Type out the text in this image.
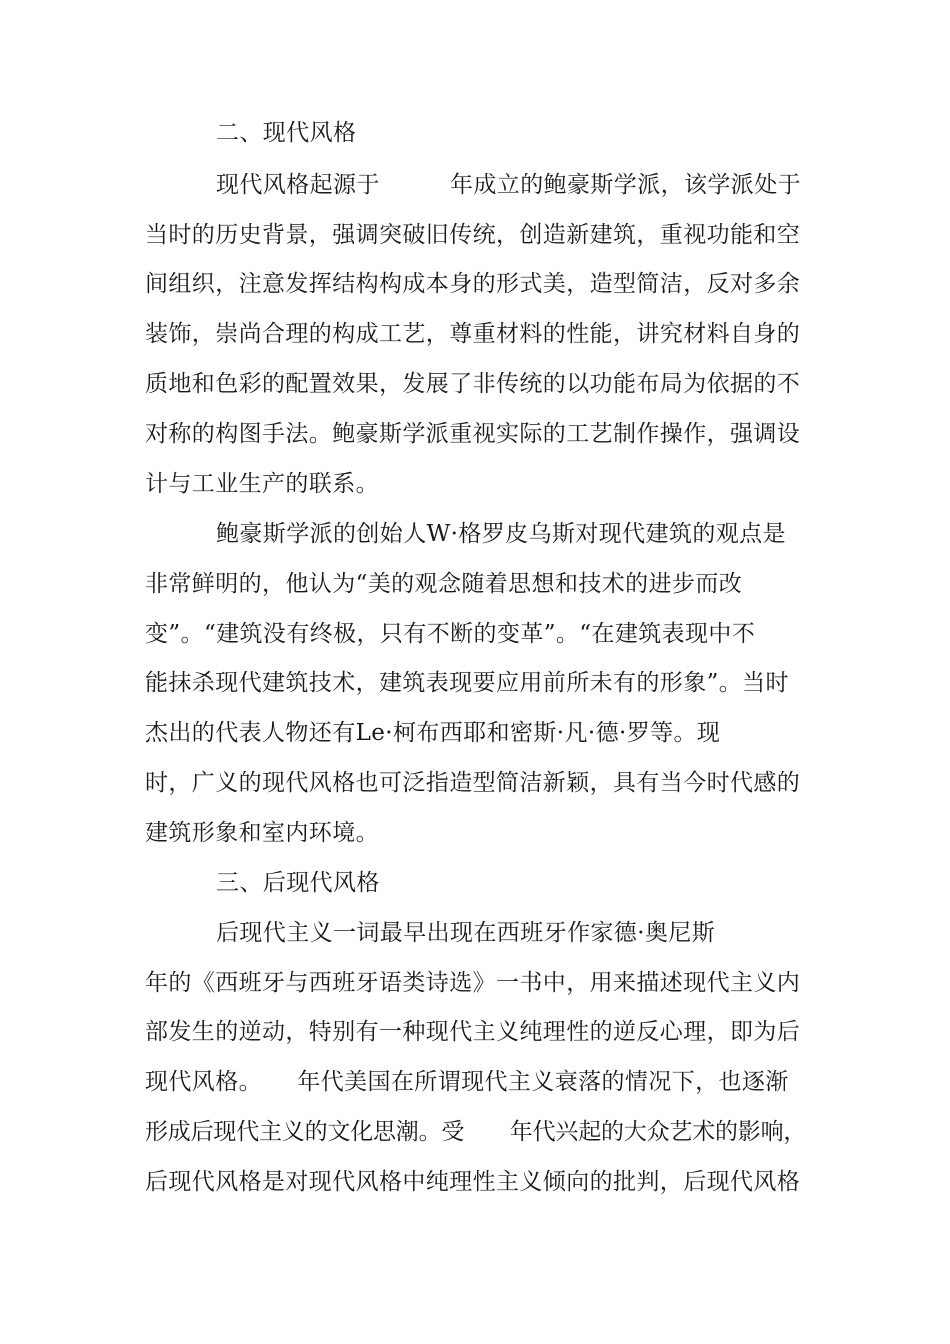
二、现代风格

现代风格起源于　　　年成立的鲍豪斯学派，该学派处于

当时的历史背景，强调突破旧传统，创造新建筑，重视功能和空

间组织，注意发挥结构构成本身的形式美，造型简洁，反对多余

装饰，崇尚合理的构成工艺，尊重材料的性能，讲究材料自身的

质地和色彩的配置效果，发展了非传统的以功能布局为依据的不

对称的构图手法。鲍豪斯学派重视实际的工艺制作操作，强调设

计与工业生产的联系。

鲍豪斯学派的创始人W·格罗皮乌斯对现代建筑的观点是

非常鲜明的，他认为“美的观念随着思想和技术的进步而改

变”。“建筑没有终极，只有不断的变革”。“在建筑表现中不

能抹杀现代建筑技术，建筑表现要应用前所未有的形象”。当时

杰出的代表人物还有Le·柯布西耶和密斯·凡·德·罗等。现

时，广义的现代风格也可泛指造型简洁新颖，具有当今时代感的

建筑形象和室内环境。

三、后现代风格

后现代主义一词最早出现在西班牙作家德·奥尼斯

年的《西班牙与西班牙语类诗选》一书中，用来描述现代主义内

部发生的逆动，特别有一种现代主义纯理性的逆反心理，即为后

现代风格。　　年代美国在所谓现代主义衰落的情况下，也逐渐

形成后现代主义的文化思潮。受　　年代兴起的大众艺术的影响，

后现代风格是对现代风格中纯理性主义倾向的批判，后现代风格
